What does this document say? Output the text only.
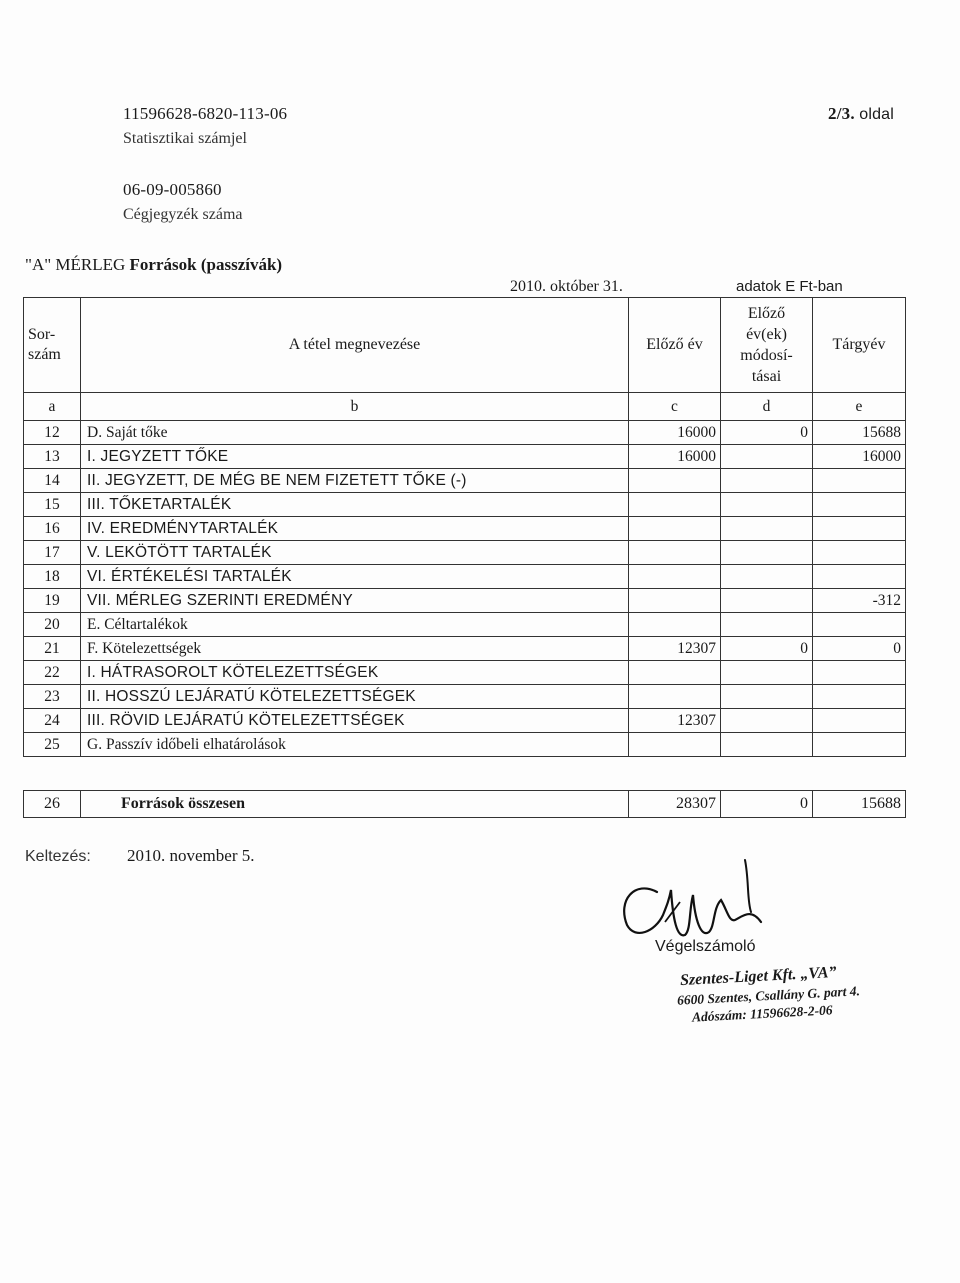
11596628-6820-113-06
Statisztikai számjel
2/3. oldal
06-09-005860
Cégjegyzék száma
"A" MÉRLEG Források (passzívák)
2010. október 31.	adatok E Ft-ban
Sor-szám	A tétel megnevezése	Előző év	Előző év(ek) módosí-tásai	Tárgyév
a	b	c	d	e
12	D. Saját tőke	16000	0	15688
13	I. JEGYZETT TŐKE	16000		16000
14	II. JEGYZETT, DE MÉG BE NEM FIZETETT TŐKE (-)			
15	III. TŐKETARTALÉK			
16	IV. EREDMÉNYTARTALÉK			
17	V. LEKÖTÖTT TARTALÉK			
18	VI. ÉRTÉKELÉSI TARTALÉK			
19	VII. MÉRLEG SZERINTI EREDMÉNY			-312
20	E. Céltartalékok			
21	F. Kötelezettségek	12307	0	0
22	I. HÁTRASOROLT KÖTELEZETTSÉGEK			
23	II. HOSSZÚ LEJÁRATÚ KÖTELEZETTSÉGEK			
24	III. RÖVID LEJÁRATÚ KÖTELEZETTSÉGEK	12307		
25	G. Passzív időbeli elhatárolások			
26	Források összesen	28307	0	15688
Keltezés: 2010. november 5.
Végelszámoló
Szentes-Liget Kft. „VA”
6600 Szentes, Csallány G. part 4.
Adószám: 11596628-2-06
